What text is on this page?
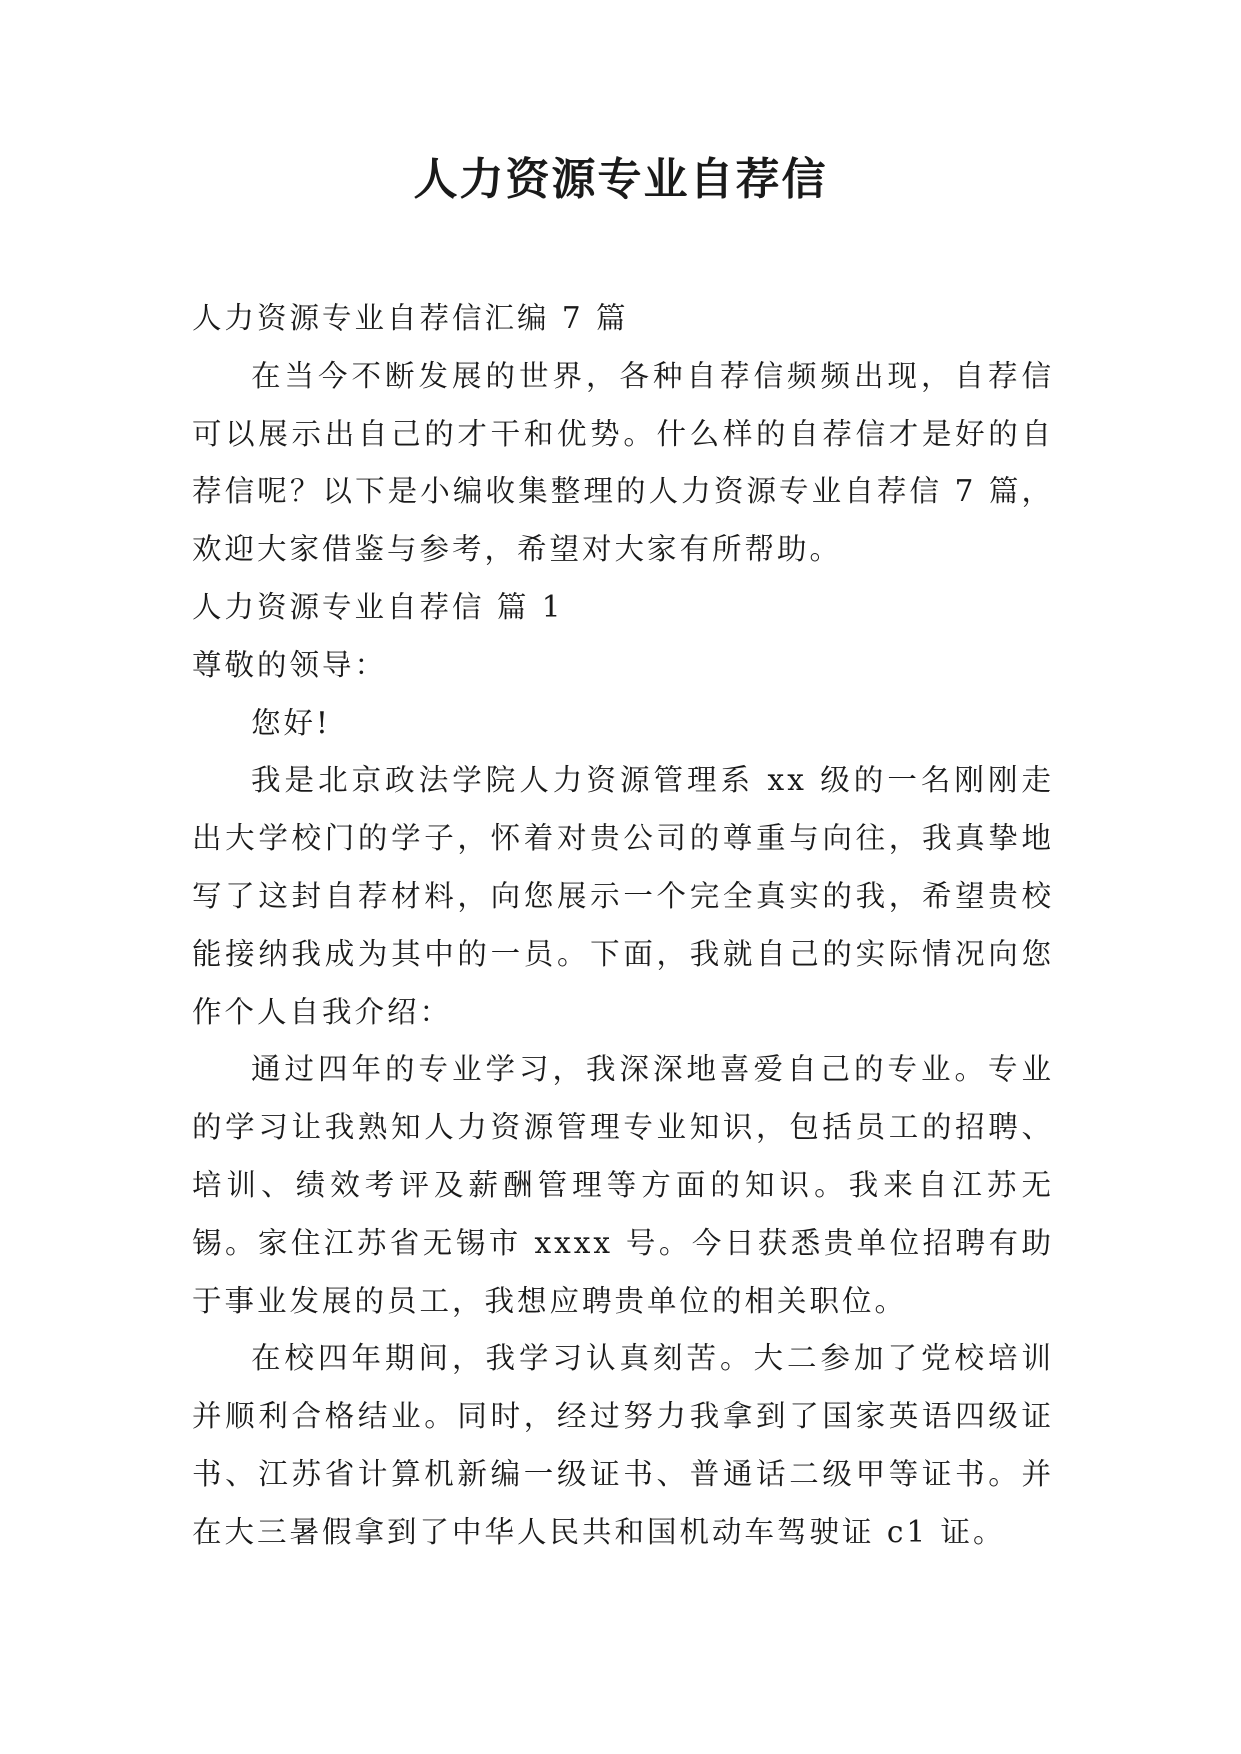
人力资源专业自荐信

人力资源专业自荐信汇编 7 篇

在当今不断发展的世界，各种自荐信频频出现，自荐信可以展示出自己的才干和优势。什么样的自荐信才是好的自荐信呢？以下是小编收集整理的人力资源专业自荐信 7 篇，欢迎大家借鉴与参考，希望对大家有所帮助。

人力资源专业自荐信 篇 1

尊敬的领导：

您好!

我是北京政法学院人力资源管理系 xx 级的一名刚刚走出大学校门的学子，怀着对贵公司的尊重与向往，我真挚地写了这封自荐材料，向您展示一个完全真实的我，希望贵校能接纳我成为其中的一员。下面，我就自己的实际情况向您作个人自我介绍：

通过四年的专业学习，我深深地喜爱自己的专业。专业的学习让我熟知人力资源管理专业知识，包括员工的招聘、培训、绩效考评及薪酬管理等方面的知识。我来自江苏无锡。家住江苏省无锡市 xxxx 号。今日获悉贵单位招聘有助于事业发展的员工，我想应聘贵单位的相关职位。

在校四年期间，我学习认真刻苦。大二参加了党校培训并顺利合格结业。同时，经过努力我拿到了国家英语四级证书、江苏省计算机新编一级证书、普通话二级甲等证书。并在大三暑假拿到了中华人民共和国机动车驾驶证 c1 证。
